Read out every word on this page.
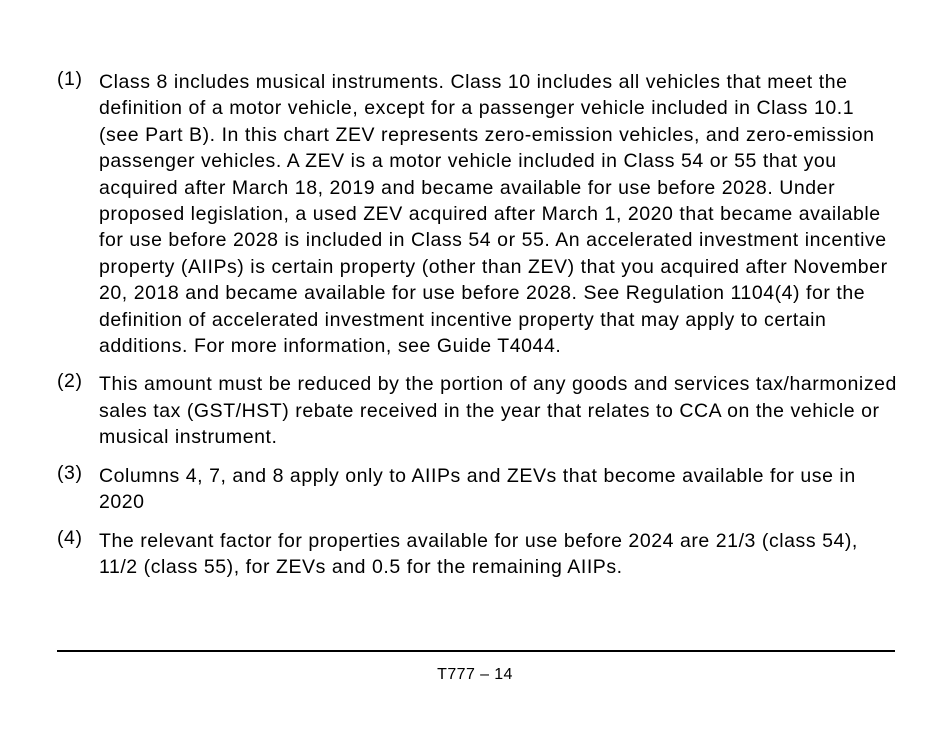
(1) Class 8 includes musical instruments. Class 10 includes all vehicles that meet the definition of a motor vehicle, except for a passenger vehicle included in Class 10.1 (see Part B). In this chart ZEV represents zero-emission vehicles, and zero-emission passenger vehicles. A ZEV is a motor vehicle included in Class 54 or 55 that you acquired after March 18, 2019 and became available for use before 2028. Under proposed legislation, a used ZEV acquired after March 1, 2020 that became available for use before 2028 is included in Class 54 or 55. An accelerated investment incentive property (AIIPs) is certain property (other than ZEV) that you acquired after November 20, 2018 and became available for use before 2028. See Regulation 1104(4) for the definition of accelerated investment incentive property that may apply to certain additions. For more information, see Guide T4044.
(2) This amount must be reduced by the portion of any goods and services tax/harmonized sales tax (GST/HST) rebate received in the year that relates to CCA on the vehicle or musical instrument.
(3) Columns 4, 7, and 8 apply only to AIIPs and ZEVs that become available for use in 2020
(4) The relevant factor for properties available for use before 2024 are 21/3 (class 54), 11/2 (class 55), for ZEVs and 0.5 for the remaining AIIPs.
T777 – 14
